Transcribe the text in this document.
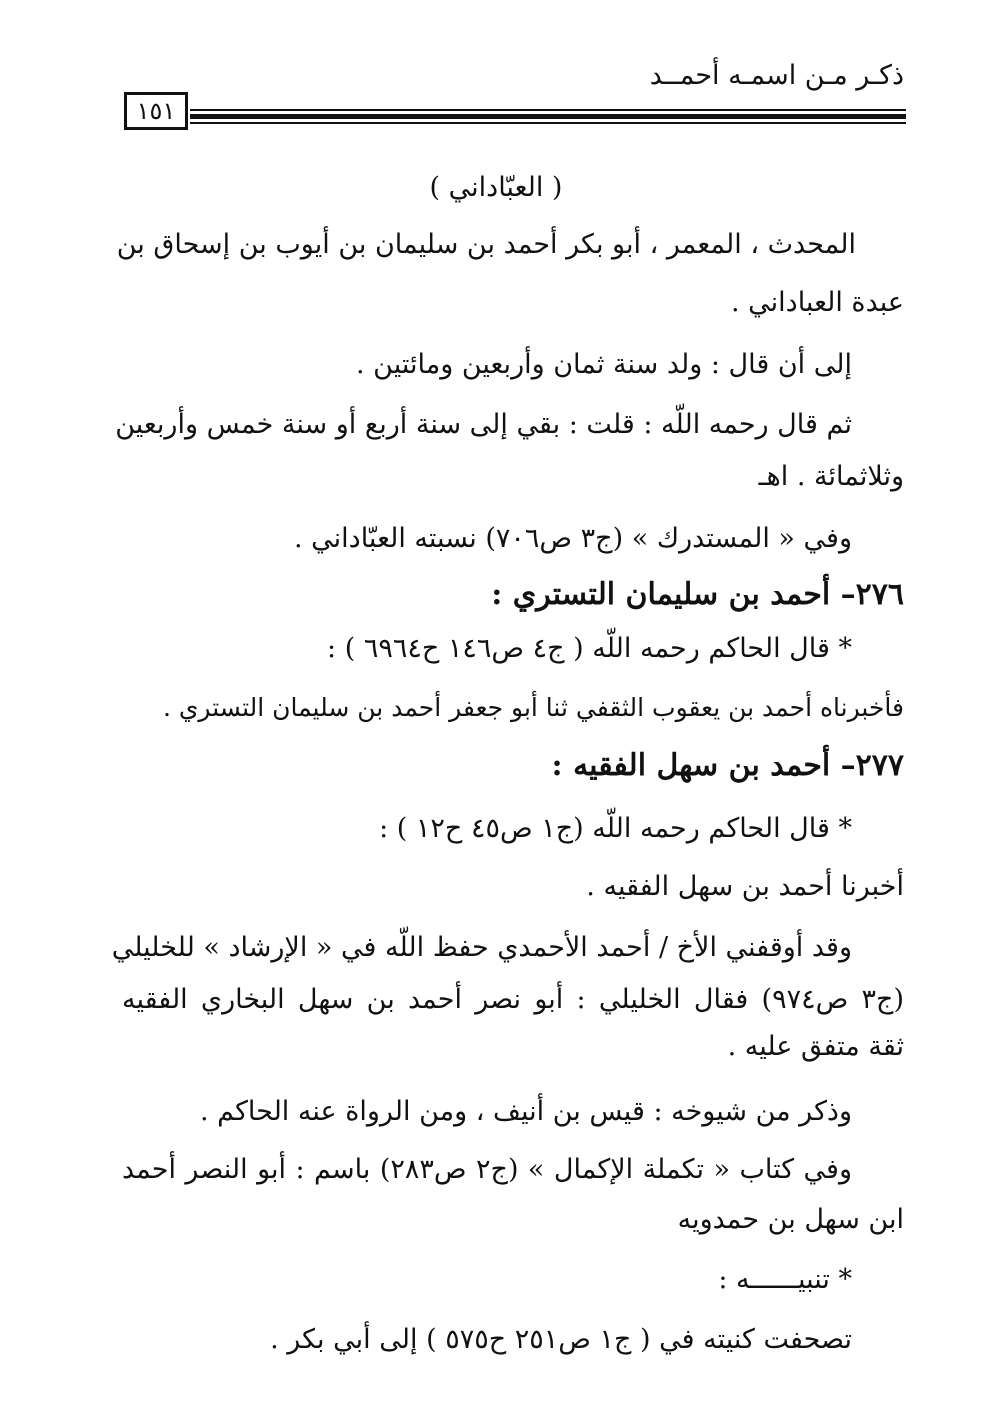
ذكـر مـن اسمـه أحمــد
١٥١
( العبّاداني )
المحدث ، المعمر ، أبو بكر أحمد بن سليمان بن أيوب بن إسحاق بن
عبدة العباداني .
إلى أن قال : ولد سنة ثمان وأربعين ومائتين .
ثم قال رحمه اللّه : قلت : بقي إلى سنة أربع أو سنة خمس وأربعين
وثلاثمائة . اهـ
وفي « المستدرك » (ج٣ ص٧٠٦) نسبته العبّاداني .
٢٧٦– أحمد بن سليمان التستري :
* قال الحاكم رحمه اللّه ( ج٤ ص١٤٦ ح٦٩٦٤ ) :
فأخبرناه أحمد بن يعقوب الثقفي ثنا أبو جعفر أحمد بن سليمان التستري .
٢٧٧– أحمد بن سهل الفقيه :
* قال الحاكم رحمه اللّه (ج١ ص٤٥ ح١٢ ) :
أخبرنا أحمد بن سهل الفقيه .
وقد أوقفني الأخ / أحمد الأحمدي حفظ اللّه في « الإرشاد » للخليلي
(ج٣ ص٩٧٤) فقال الخليلي : أبو نصر أحمد بن سهل البخاري الفقيه
ثقة متفق عليه .
وذكر من شيوخه : قيس بن أنيف ، ومن الرواة عنه الحاكم .
وفي كتاب « تكملة الإكمال » (ج٢ ص٢٨٣) باسم : أبو النصر أحمد
ابن سهل بن حمدويه
* تنبيــــــه :
تصحفت كنيته في ( ج١ ص٢٥١ ح٥٧٥ ) إلى أبي بكر .
